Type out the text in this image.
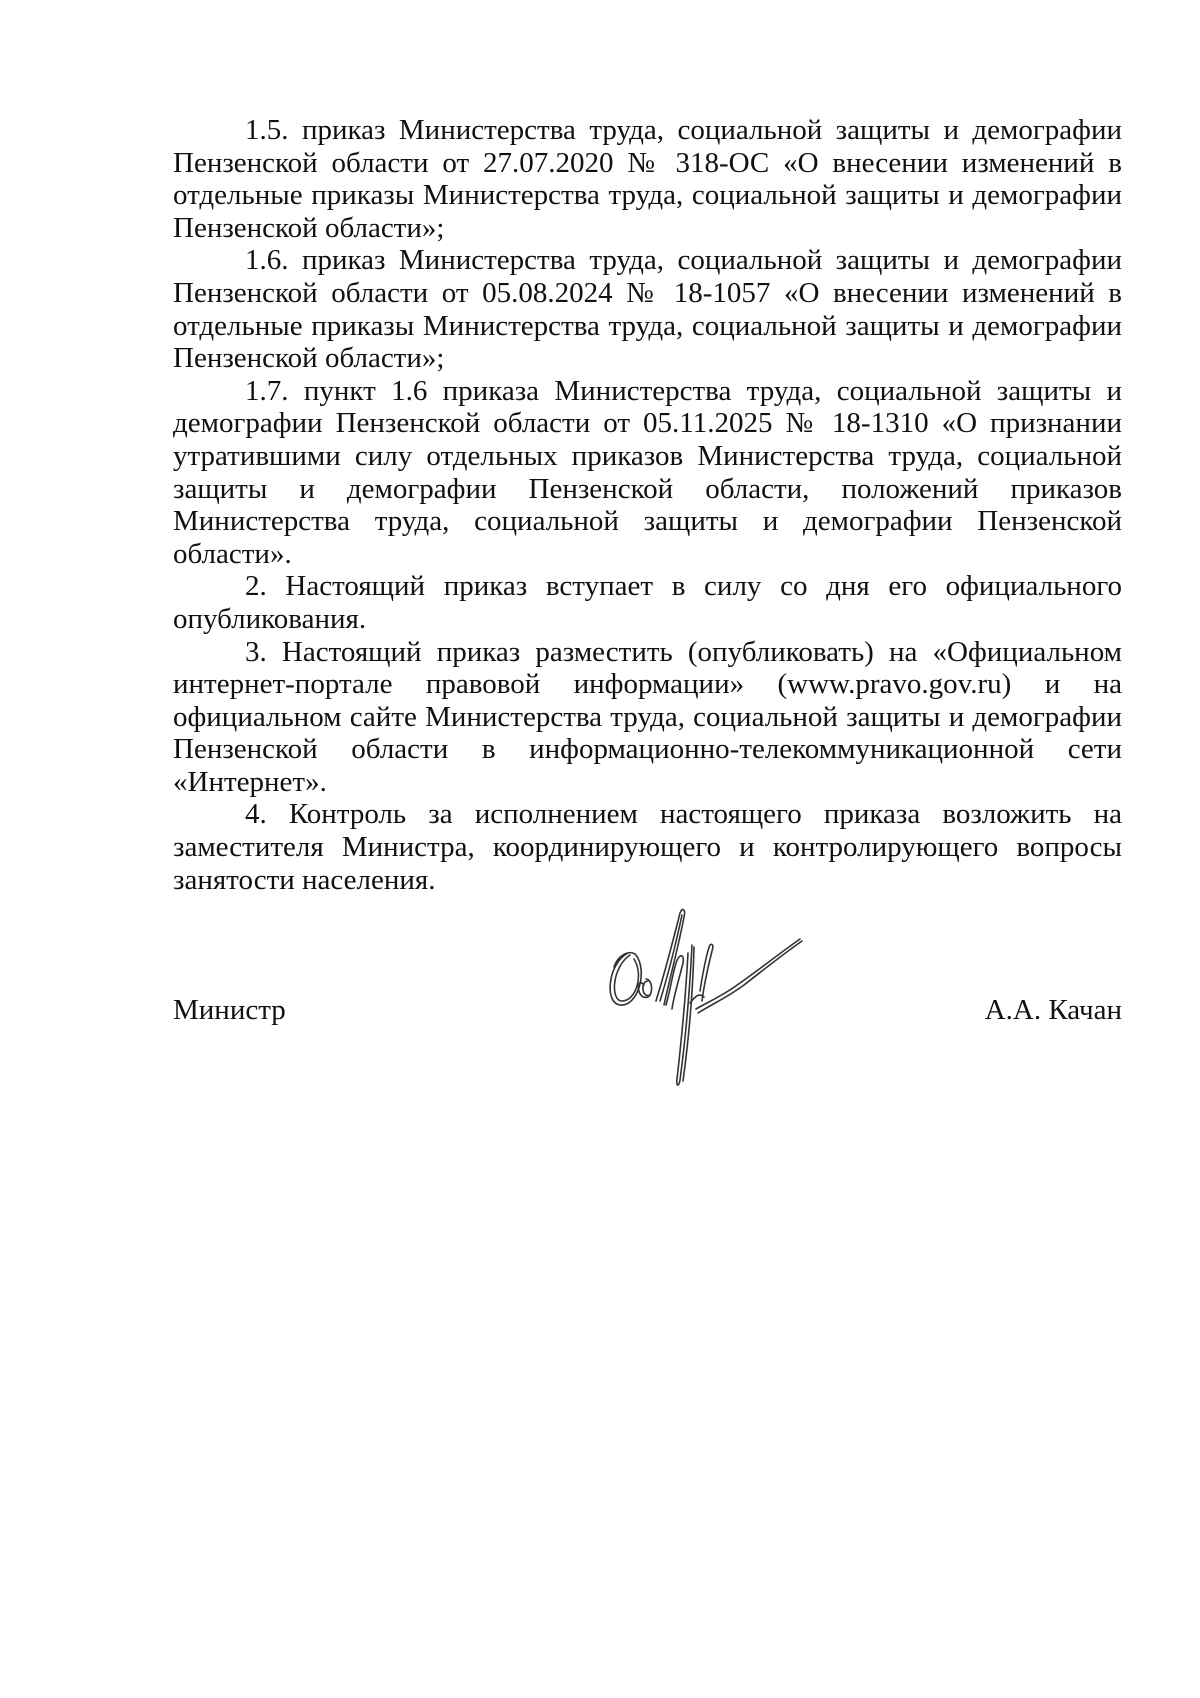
1.5. приказ Министерства труда, социальной защиты и демографии Пензенской области от 27.07.2020 № 318-ОС «О внесении изменений в отдельные приказы Министерства труда, социальной защиты и демографии Пензенской области»;

1.6. приказ Министерства труда, социальной защиты и демографии Пензенской области от 05.08.2024 № 18-1057 «О внесении изменений в отдельные приказы Министерства труда, социальной защиты и демографии Пензенской области»;

1.7. пункт 1.6 приказа Министерства труда, социальной защиты и демографии Пензенской области от 05.11.2025 № 18-1310 «О признании утратившими силу отдельных приказов Министерства труда, социальной защиты и демографии Пензенской области, положений приказов Министерства труда, социальной защиты и демографии Пензенской области».

2. Настоящий приказ вступает в силу со дня его официального опубликования.

3. Настоящий приказ разместить (опубликовать) на «Официальном интернет-портале правовой информации» (www.pravo.gov.ru) и на официальном сайте Министерства труда, социальной защиты и демографии Пензенской области в информационно-телекоммуникационной сети «Интернет».

4. Контроль за исполнением настоящего приказа возложить на заместителя Министра, координирующего и контролирующего вопросы занятости населения.

Министр	А.А. Качан
